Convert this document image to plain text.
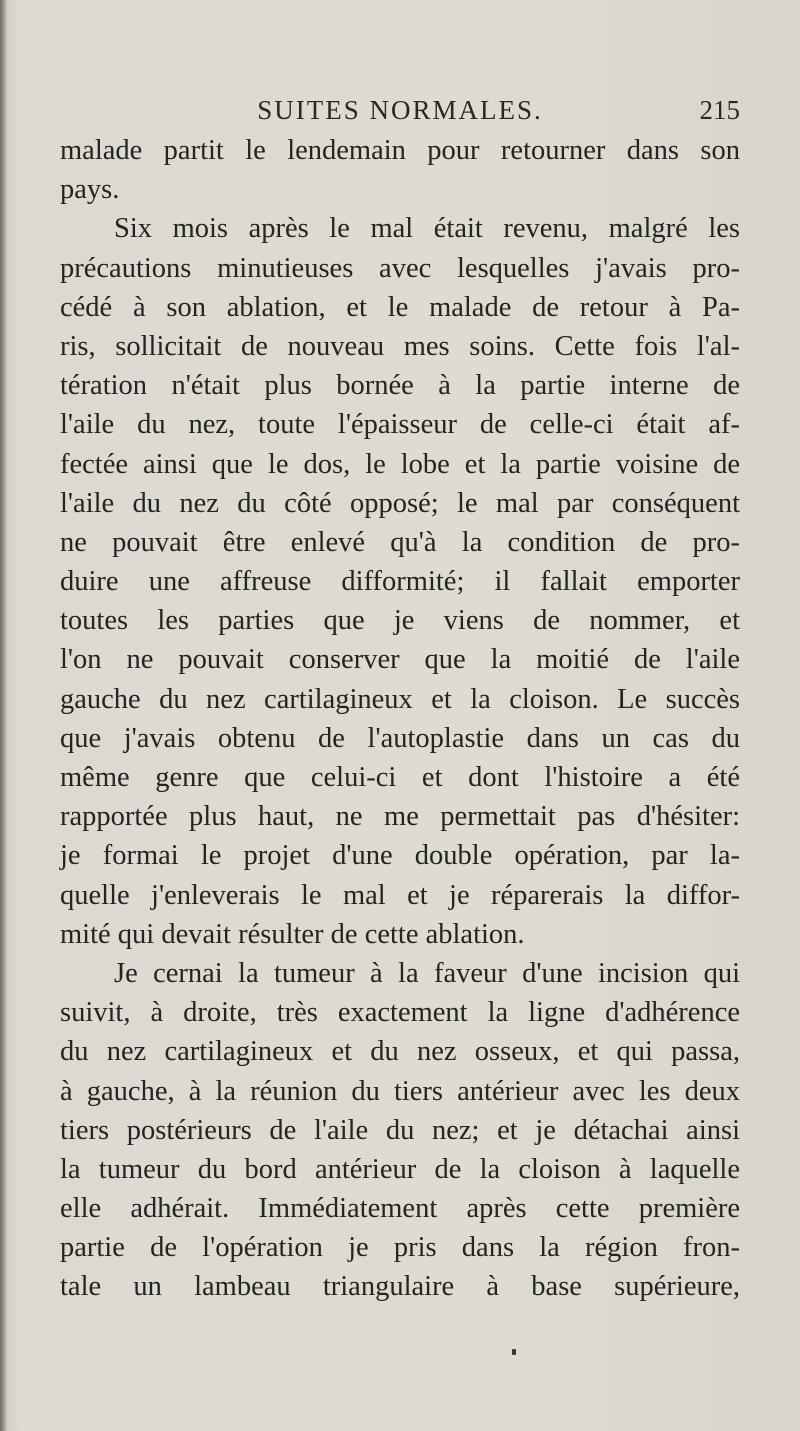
SUITES NORMALES.	215
malade partit le lendemain pour retourner dans son
pays.
Six mois après le mal était revenu, malgré les
précautions minutieuses avec lesquelles j'avais pro-
cédé à son ablation, et le malade de retour à Pa-
ris, sollicitait de nouveau mes soins. Cette fois l'al-
tération n'était plus bornée à la partie interne de
l'aile du nez, toute l'épaisseur de celle-ci était af-
fectée ainsi que le dos, le lobe et la partie voisine de
l'aile du nez du côté opposé; le mal par conséquent
ne pouvait être enlevé qu'à la condition de pro-
duire une affreuse difformité; il fallait emporter
toutes les parties que je viens de nommer, et
l'on ne pouvait conserver que la moitié de l'aile
gauche du nez cartilagineux et la cloison. Le succès
que j'avais obtenu de l'autoplastie dans un cas du
même genre que celui-ci et dont l'histoire a été
rapportée plus haut, ne me permettait pas d'hésiter:
je formai le projet d'une double opération, par la-
quelle j'enleverais le mal et je réparerais la diffor-
mité qui devait résulter de cette ablation.
Je cernai la tumeur à la faveur d'une incision qui
suivit, à droite, très exactement la ligne d'adhérence
du nez cartilagineux et du nez osseux, et qui passa,
à gauche, à la réunion du tiers antérieur avec les deux
tiers postérieurs de l'aile du nez; et je détachai ainsi
la tumeur du bord antérieur de la cloison à laquelle
elle adhérait. Immédiatement après cette première
partie de l'opération je pris dans la région fron-
tale un lambeau triangulaire à base supérieure,
